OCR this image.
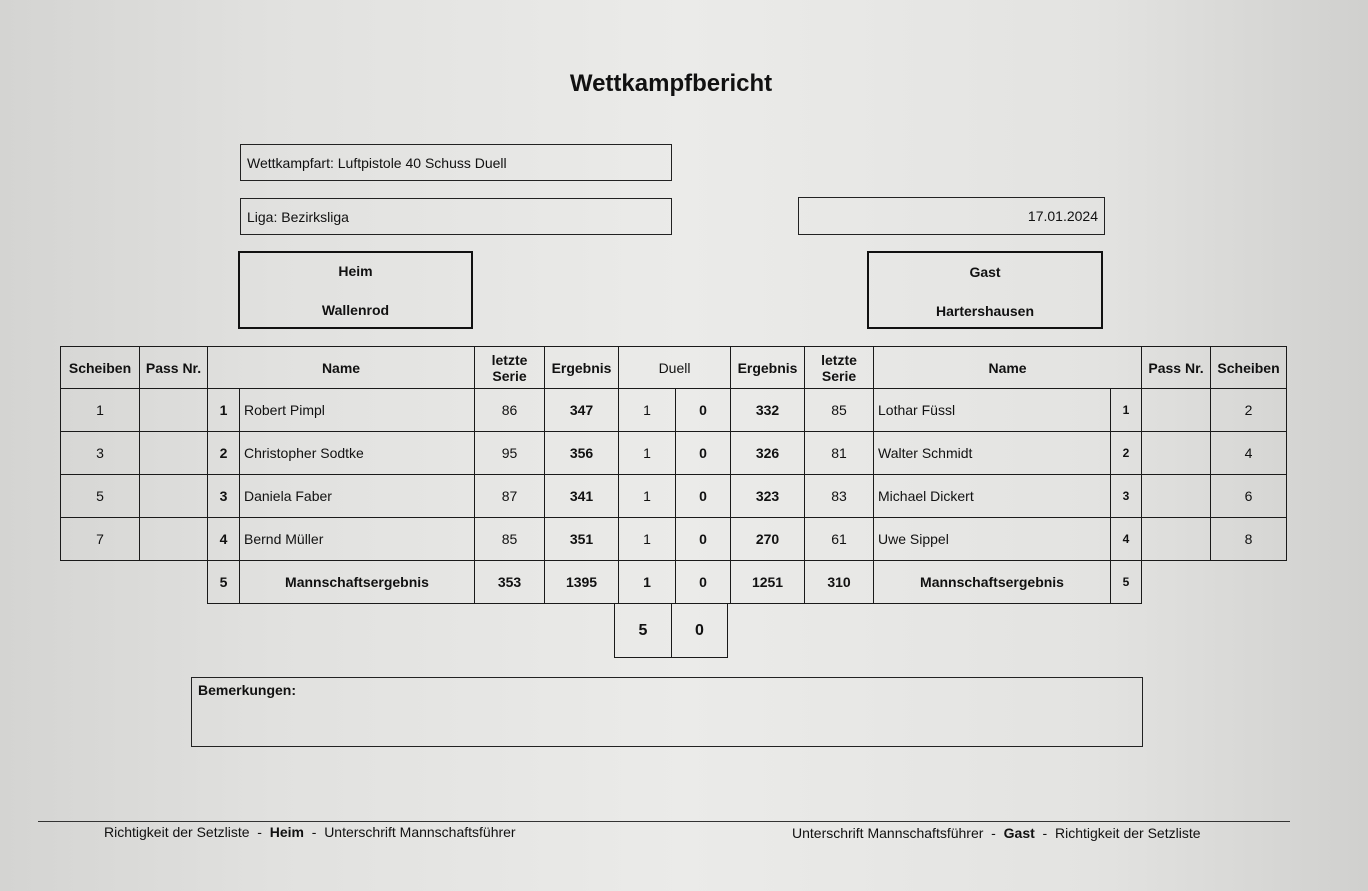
Wettkampfbericht
Wettkampfart: Luftpistole 40 Schuss Duell
Liga: Bezirksliga	17.01.2024
Heim
Wallenrod
Gast
Hartershausen
Scheiben	Pass Nr.	Name		letzte Serie	Ergebnis	Duell		Ergebnis	letzte Serie	Name		Pass Nr.	Scheiben
1		1	Robert Pimpl	86	347	1	0	332	85	Lothar Füssl	1		2
3		2	Christopher Sodtke	95	356	1	0	326	81	Walter Schmidt	2		4
5		3	Daniela Faber	87	341	1	0	323	83	Michael Dickert	3		6
7		4	Bernd Müller	85	351	1	0	270	61	Uwe Sippel	4		8
		5	Mannschaftsergebnis	353	1395	1	0	1251	310	Mannschaftsergebnis	5		
5	0
Bemerkungen:
Richtigkeit der Setzliste  -  Heim  -  Unterschrift Mannschaftsführer	Unterschrift Mannschaftsführer  -  Gast  -  Richtigkeit der Setzliste
